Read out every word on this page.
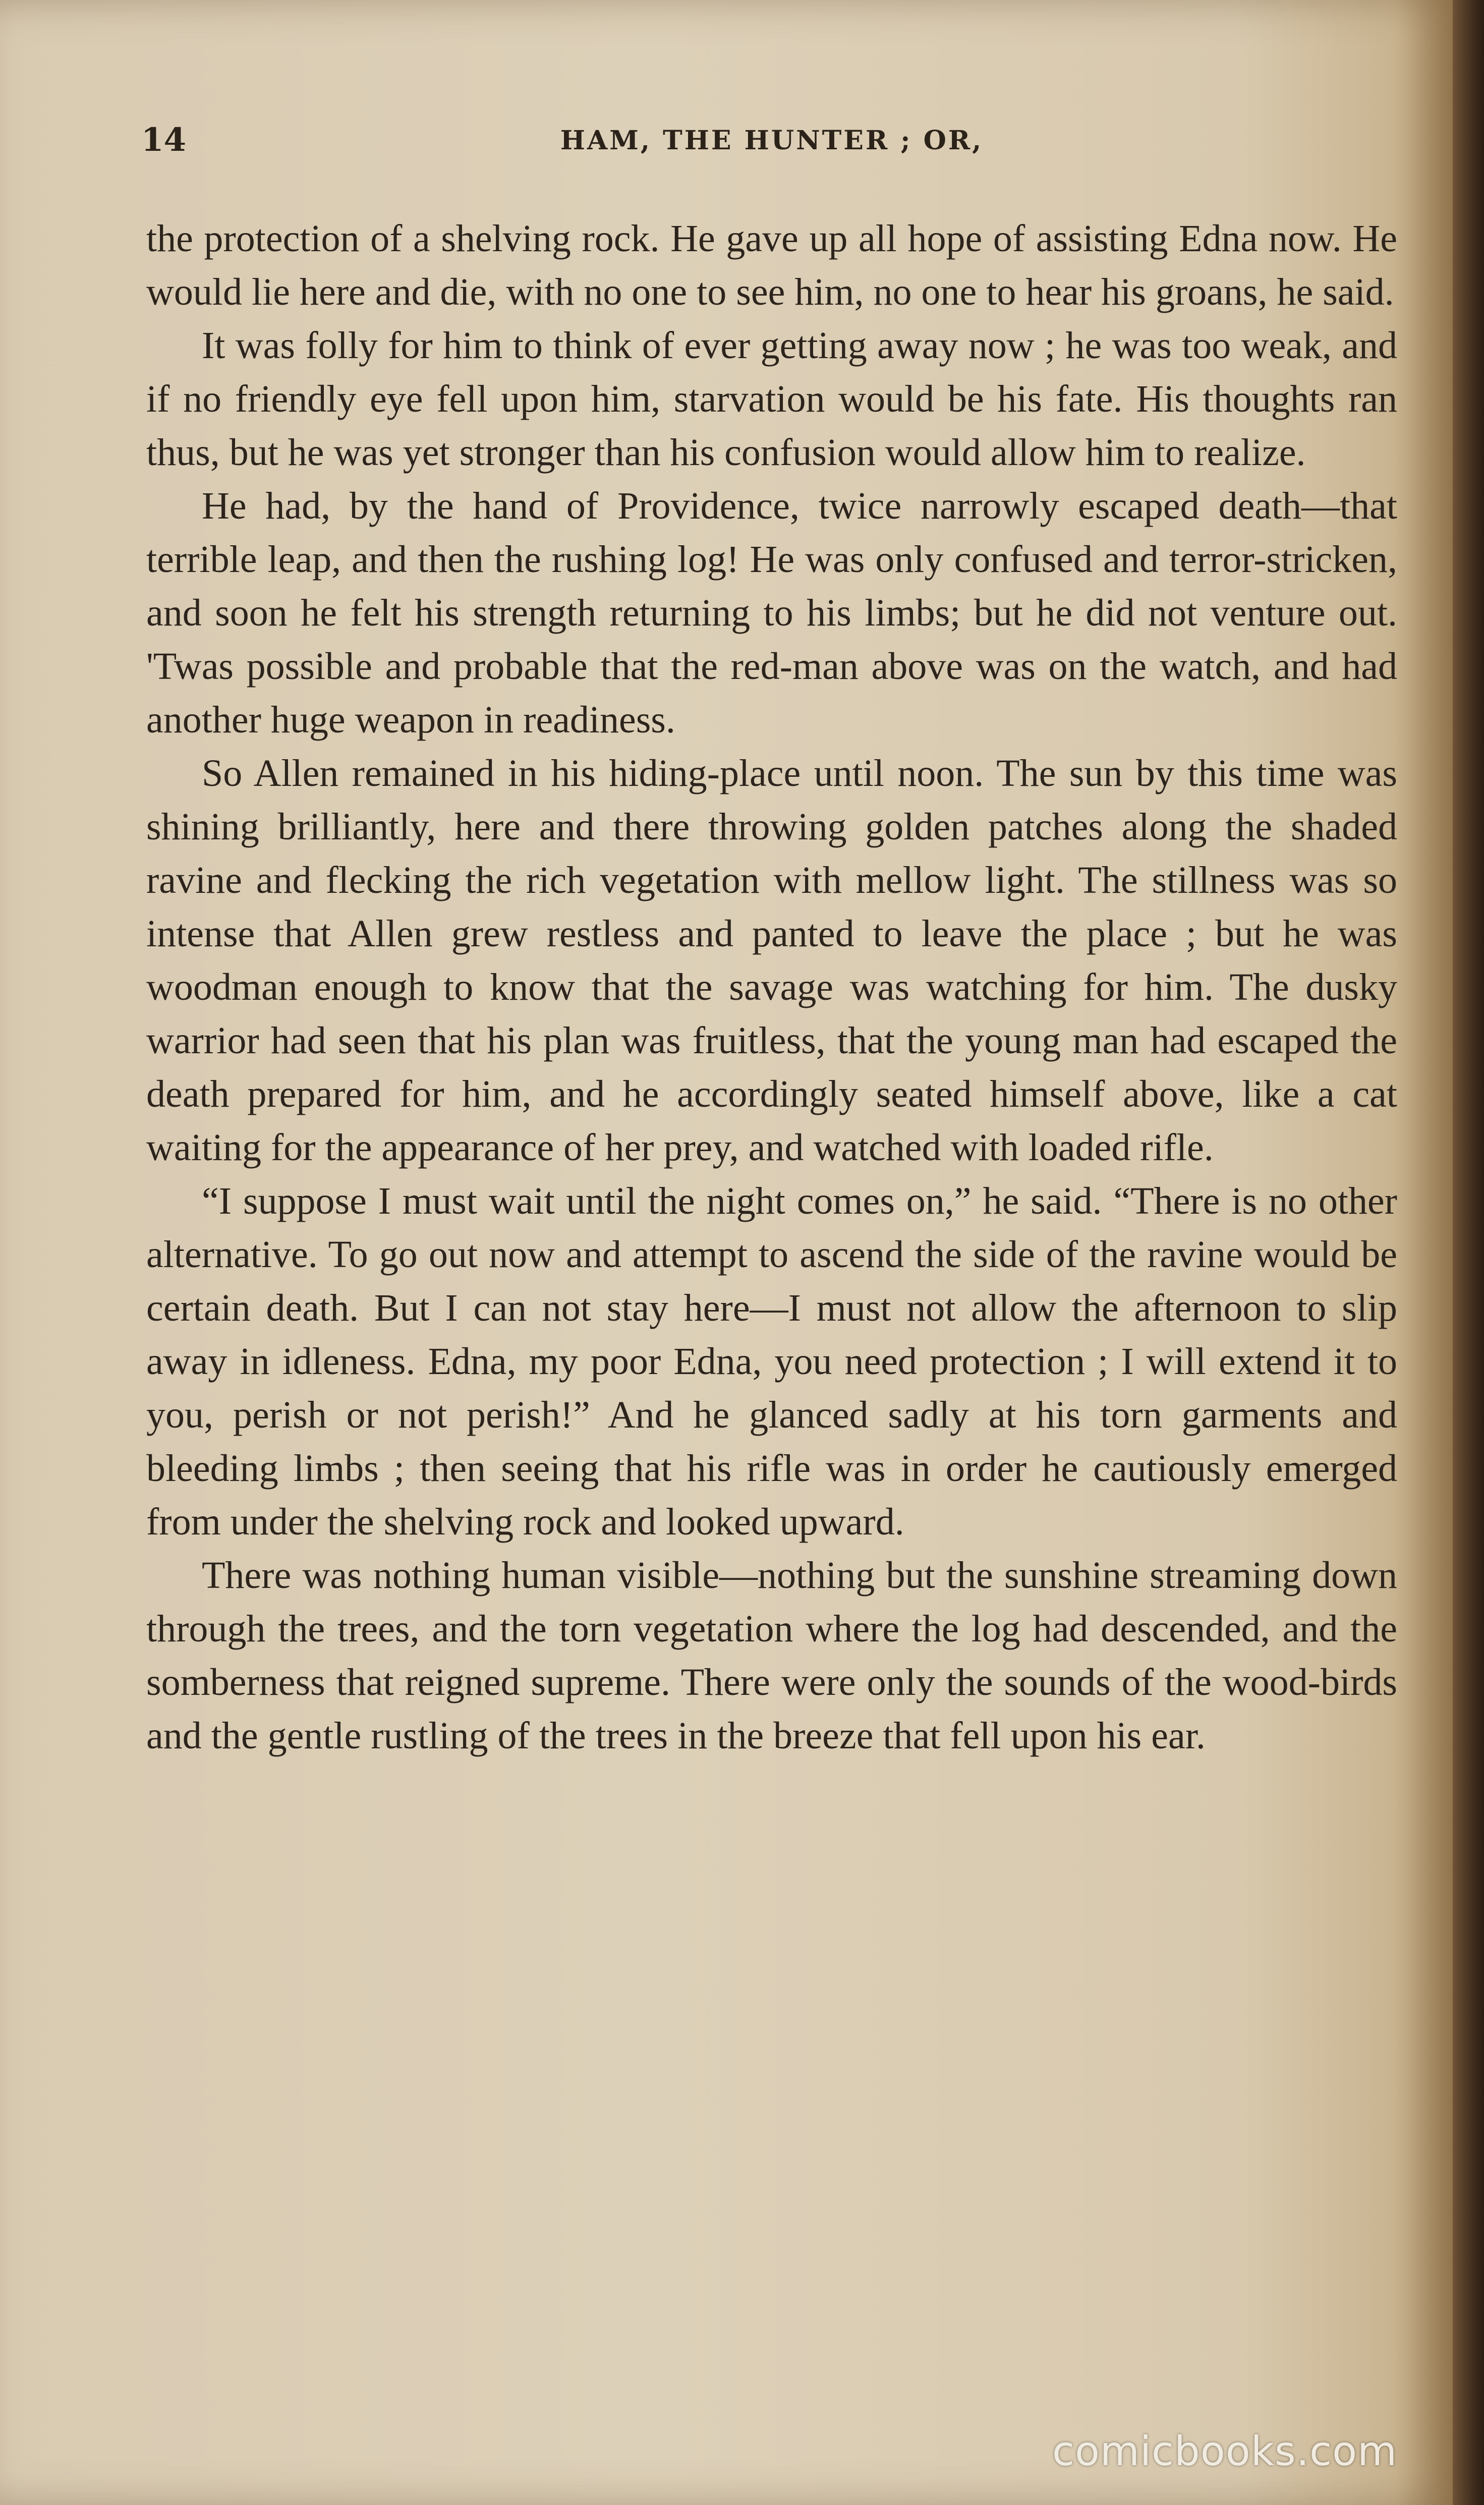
14	HAM, THE HUNTER ; OR,

the protection of a shelving rock. He gave up all hope of assisting Edna now. He would lie here and die, with no one to see him, no one to hear his groans, he said.

It was folly for him to think of ever getting away now ; he was too weak, and if no friendly eye fell upon him, starvation would be his fate. His thoughts ran thus, but he was yet stronger than his confusion would allow him to realize.

He had, by the hand of Providence, twice narrowly escaped death—that terrible leap, and then the rushing log! He was only confused and terror-stricken, and soon he felt his strength returning to his limbs; but he did not venture out. 'Twas possible and probable that the red-man above was on the watch, and had another huge weapon in readiness.

So Allen remained in his hiding-place until noon. The sun by this time was shining brilliantly, here and there throwing golden patches along the shaded ravine and flecking the rich vegetation with mellow light. The stillness was so intense that Allen grew restless and panted to leave the place ; but he was woodman enough to know that the savage was watching for him. The dusky warrior had seen that his plan was fruitless, that the young man had escaped the death prepared for him, and he accordingly seated himself above, like a cat waiting for the appearance of her prey, and watched with loaded rifle.

“I suppose I must wait until the night comes on,” he said. “There is no other alternative. To go out now and attempt to ascend the side of the ravine would be certain death. But I can not stay here—I must not allow the afternoon to slip away in idleness. Edna, my poor Edna, you need protection ; I will extend it to you, perish or not perish!” And he glanced sadly at his torn garments and bleeding limbs ; then seeing that his rifle was in order he cautiously emerged from under the shelving rock and looked upward.

There was nothing human visible—nothing but the sunshine streaming down through the trees, and the torn vegetation where the log had descended, and the somberness that reigned supreme. There were only the sounds of the wood-birds and the gentle rustling of the trees in the breeze that fell upon his ear.

comicbooks.com
